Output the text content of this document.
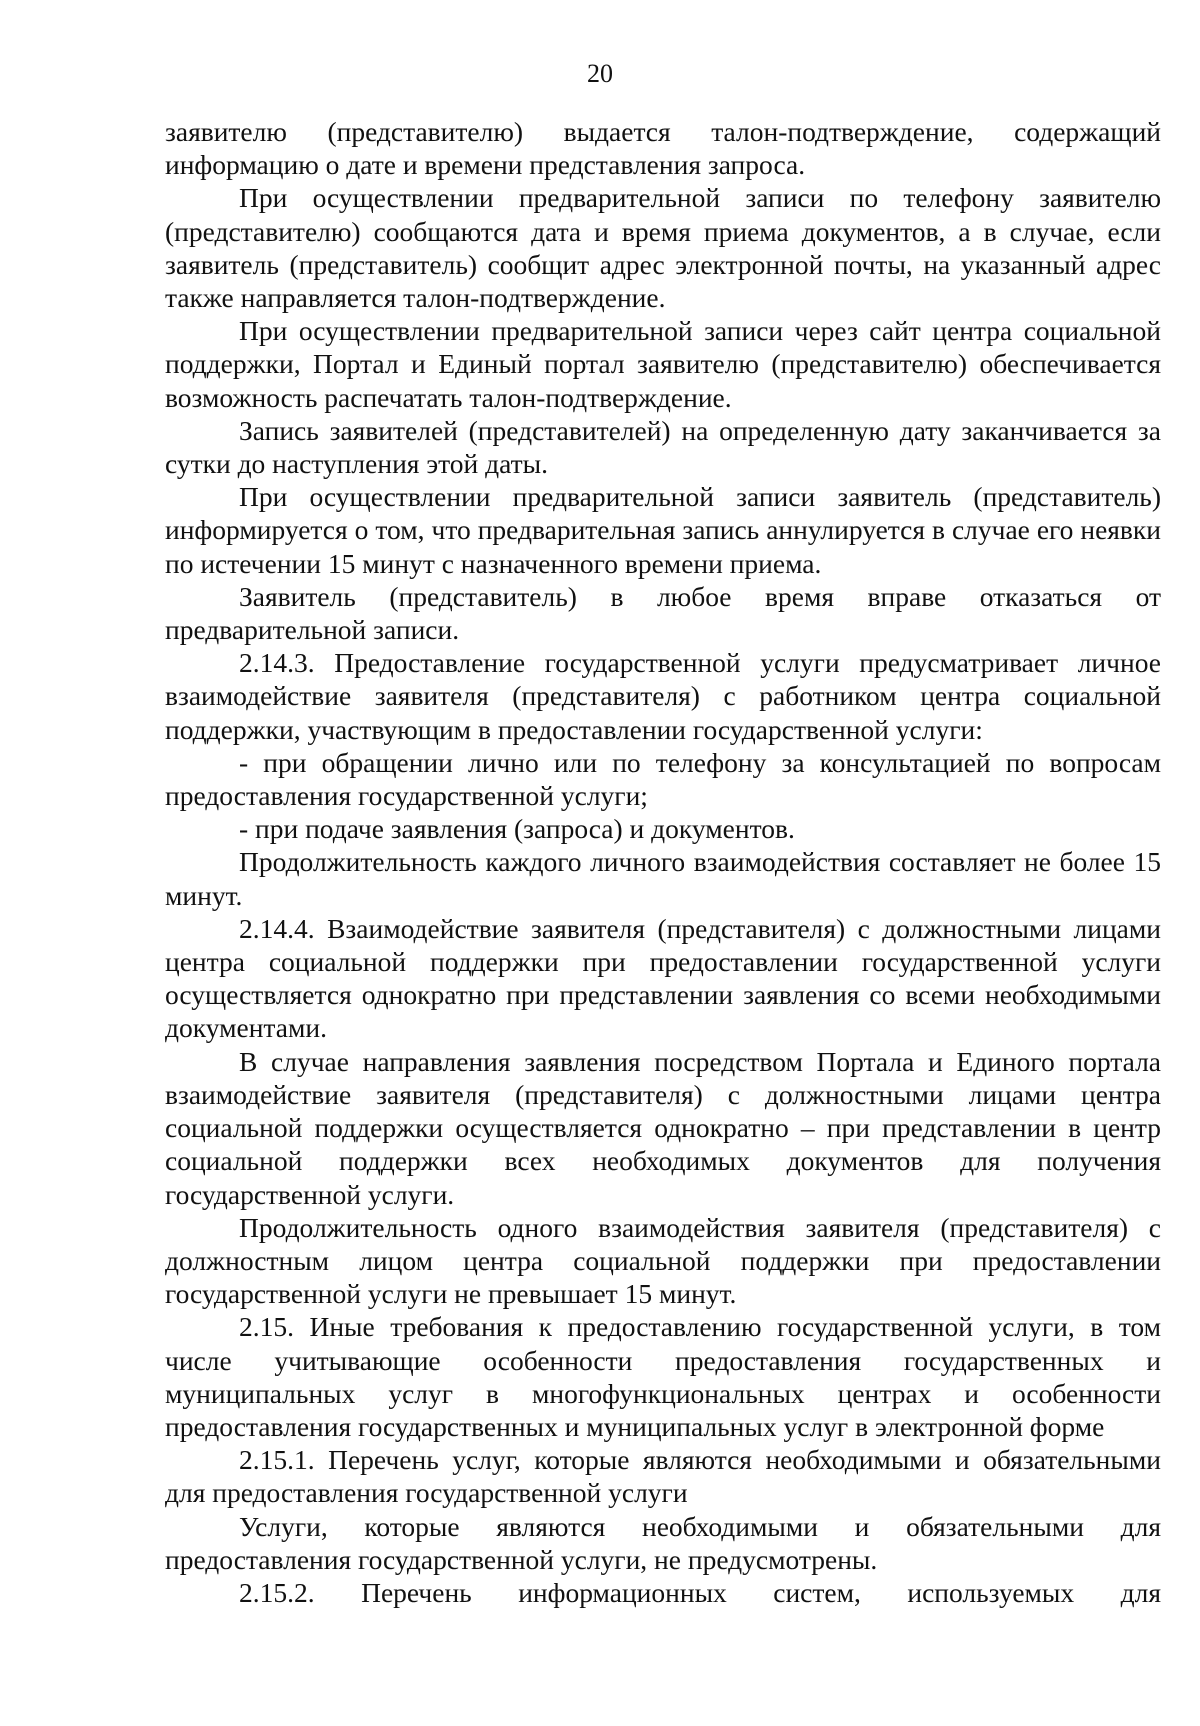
20

заявителю (представителю) выдается талон-подтверждение, содержащий информацию о дате и времени представления запроса.

При осуществлении предварительной записи по телефону заявителю (представителю) сообщаются дата и время приема документов, а в случае, если заявитель (представитель) сообщит адрес электронной почты, на указанный адрес также направляется талон-подтверждение.

При осуществлении предварительной записи через сайт центра социальной поддержки, Портал и Единый портал заявителю (представителю) обеспечивается возможность распечатать талон-подтверждение.

Запись заявителей (представителей) на определенную дату заканчивается за сутки до наступления этой даты.

При осуществлении предварительной записи заявитель (представитель) информируется о том, что предварительная запись аннулируется в случае его неявки по истечении 15 минут с назначенного времени приема.

Заявитель (представитель) в любое время вправе отказаться от предварительной записи.

2.14.3. Предоставление государственной услуги предусматривает личное взаимодействие заявителя (представителя) с работником центра социальной поддержки, участвующим в предоставлении государственной услуги:

- при обращении лично или по телефону за консультацией по вопросам предоставления государственной услуги;

- при подаче заявления (запроса) и документов.

Продолжительность каждого личного взаимодействия составляет не более 15 минут.

2.14.4. Взаимодействие заявителя (представителя) с должностными лицами центра социальной поддержки при предоставлении государственной услуги осуществляется однократно при представлении заявления со всеми необходимыми документами.

В случае направления заявления посредством Портала и Единого портала взаимодействие заявителя (представителя) с должностными лицами центра социальной поддержки осуществляется однократно – при представлении в центр социальной поддержки всех необходимых документов для получения государственной услуги.

Продолжительность одного взаимодействия заявителя (представителя) с должностным лицом центра социальной поддержки при предоставлении государственной услуги не превышает 15 минут.

2.15. Иные требования к предоставлению государственной услуги, в том числе учитывающие особенности предоставления государственных и муниципальных услуг в многофункциональных центрах и особенности предоставления государственных и муниципальных услуг в электронной форме

2.15.1. Перечень услуг, которые являются необходимыми и обязательными для предоставления государственной услуги

Услуги, которые являются необходимыми и обязательными для предоставления государственной услуги, не предусмотрены.

2.15.2. Перечень информационных систем, используемых для
